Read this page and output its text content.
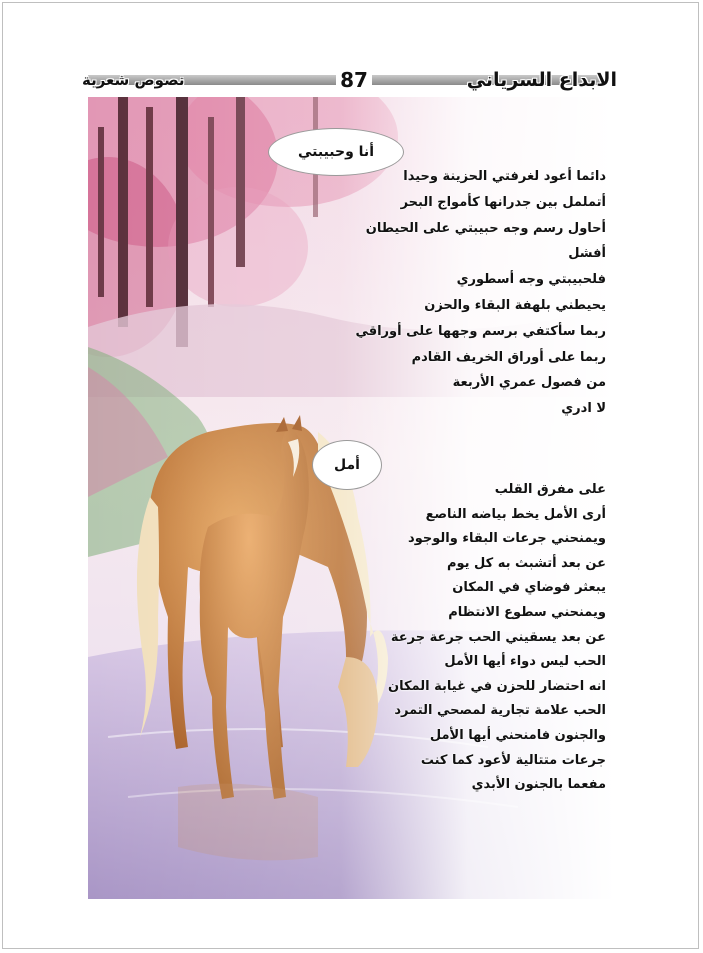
نصوص شعرية	87	الابداع السرياني
أنا وحبيبتي
دائما أعود لغرفتي الحزينة وحيدا
أتململ بين جدرانها كأمواج البحر
أحاول رسم وجه حبيبتي على الحيطان
أفشل
فلحبيبتي وجه أسطوري
يحيطني بلهفة البقاء والحزن
ربما سأكتفي برسم وجهها على أوراقي
ربما على أوراق الخريف القادم
من فصول عمري الأربعة
لا ادري
أمل
على مفرق القلب
أرى الأمل يخط بياضه الناصع
ويمنحني جرعات البقاء والوجود
عن بعد أتشبث به كل يوم
يبعثر فوضاي في المكان
ويمنحني سطوع الانتظام
عن بعد يسقيني الحب جرعة جرعة
الحب ليس دواء أيها الأمل
انه احتضار للحزن في غيابة المكان
الحب علامة تجارية لمصحي التمرد
والجنون فامنحني أيها الأمل
جرعات متتالية لأعود كما كنت
مفعما بالجنون الأبدي
